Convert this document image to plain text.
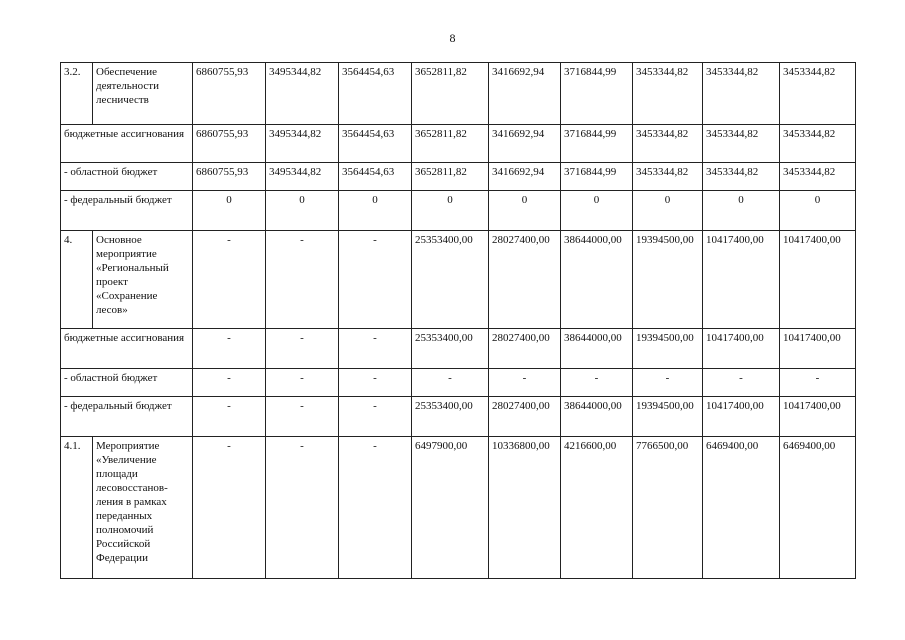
8
3.2.	Обеспечение деятельности лесничеств	6860755,93	3495344,82	3564454,63	3652811,82	3416692,94	3716844,99	3453344,82	3453344,82	3453344,82
бюджетные ассигнования		6860755,93	3495344,82	3564454,63	3652811,82	3416692,94	3716844,99	3453344,82	3453344,82	3453344,82
- областной бюджет		6860755,93	3495344,82	3564454,63	3652811,82	3416692,94	3716844,99	3453344,82	3453344,82	3453344,82
- федеральный бюджет		0	0	0	0	0	0	0	0	0
4.	Основное мероприятие «Региональный проект «Сохранение лесов»	-	-	-	25353400,00	28027400,00	38644000,00	19394500,00	10417400,00	10417400,00
бюджетные ассигнования		-	-	-	25353400,00	28027400,00	38644000,00	19394500,00	10417400,00	10417400,00
- областной бюджет		-	-	-	-	-	-	-	-	-
- федеральный бюджет		-	-	-	25353400,00	28027400,00	38644000,00	19394500,00	10417400,00	10417400,00
4.1.	Мероприятие «Увеличение площади лесовосстанов-ления в рамках переданных полномочий Российской Федерации	-	-	-	6497900,00	10336800,00	4216600,00	7766500,00	6469400,00	6469400,00
